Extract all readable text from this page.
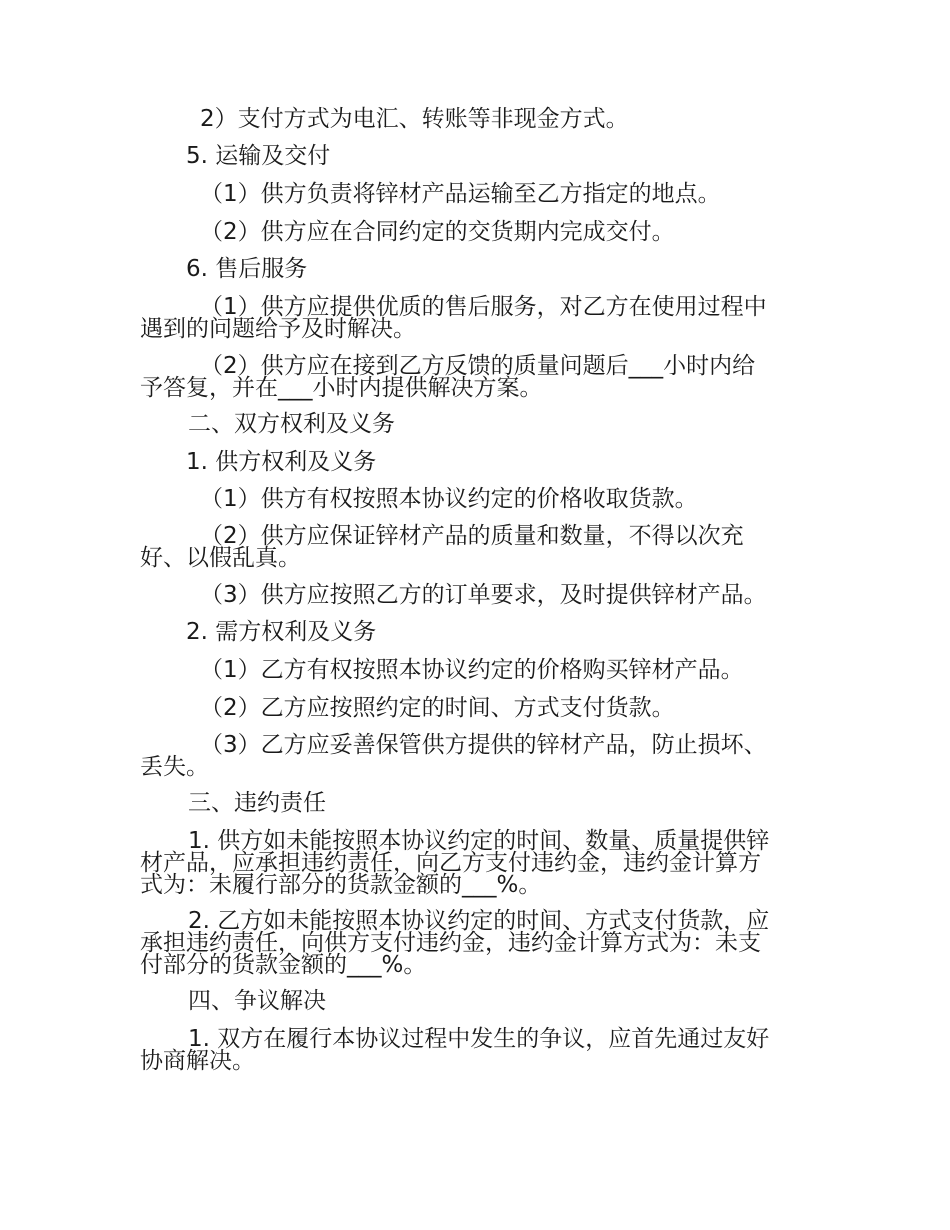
2）支付方式为电汇、转账等非现金方式。

5. 运输及交付

（1）供方负责将锌材产品运输至乙方指定的地点。

（2）供方应在合同约定的交货期内完成交付。

6. 售后服务

（1）供方应提供优质的售后服务，对乙方在使用过程中

遇到的问题给予及时解决。

（2）供方应在接到乙方反馈的质量问题后___小时内给

予答复，并在___小时内提供解决方案。

二、双方权利及义务

1. 供方权利及义务

（1）供方有权按照本协议约定的价格收取货款。

（2）供方应保证锌材产品的质量和数量，不得以次充

好、以假乱真。

（3）供方应按照乙方的订单要求，及时提供锌材产品。

2. 需方权利及义务

（1）乙方有权按照本协议约定的价格购买锌材产品。

（2）乙方应按照约定的时间、方式支付货款。

（3）乙方应妥善保管供方提供的锌材产品，防止损坏、

丢失。

三、违约责任

1. 供方如未能按照本协议约定的时间、数量、质量提供锌

材产品，应承担违约责任，向乙方支付违约金，违约金计算方

式为：未履行部分的货款金额的___%。

2. 乙方如未能按照本协议约定的时间、方式支付货款，应

承担违约责任，向供方支付违约金，违约金计算方式为：未支

付部分的货款金额的___%。

四、争议解决

1. 双方在履行本协议过程中发生的争议，应首先通过友好

协商解决。
